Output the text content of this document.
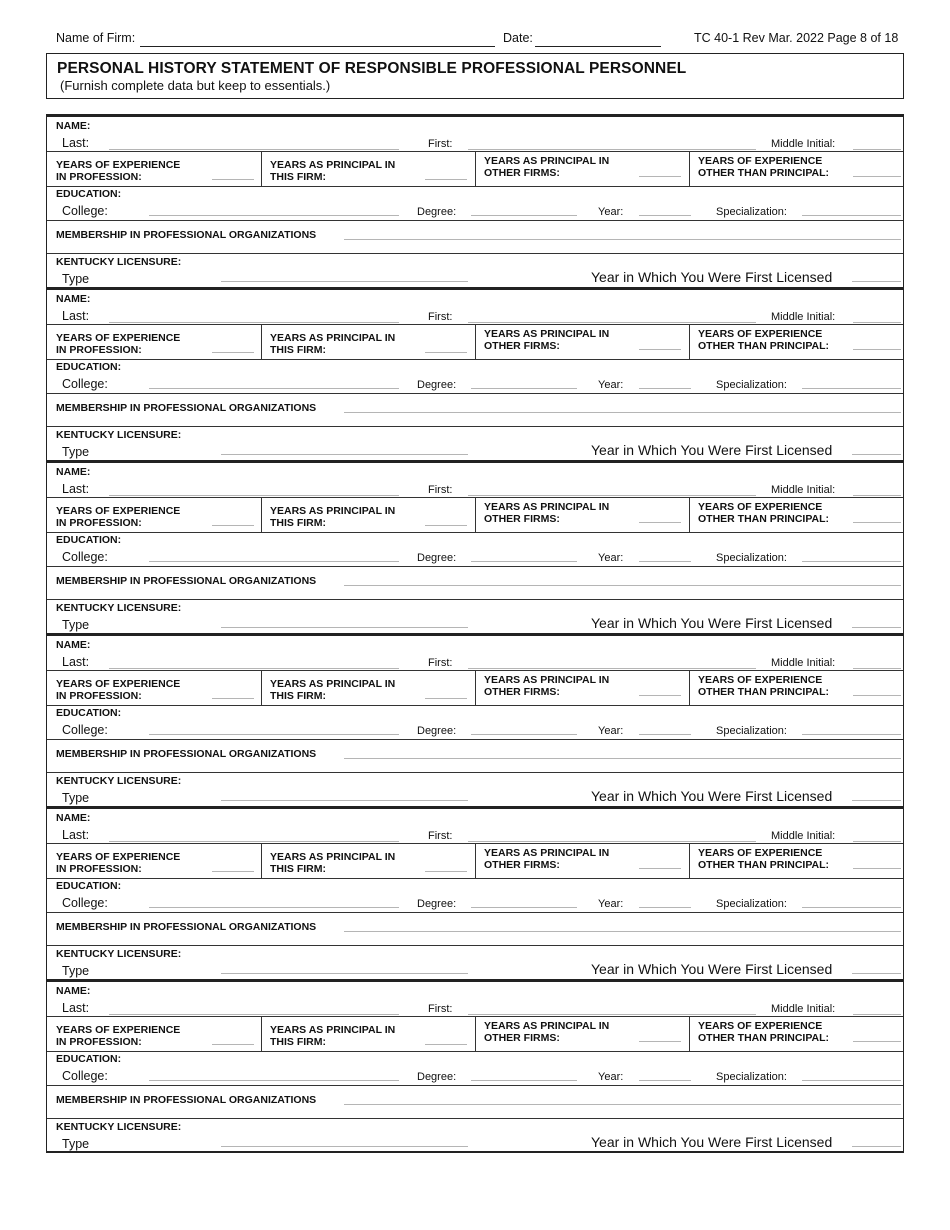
Name of Firm:	Date:	TC 40-1 Rev Mar. 2022 Page 8 of 18
PERSONAL HISTORY STATEMENT OF RESPONSIBLE PROFESSIONAL PERSONNEL
(Furnish complete data but keep to essentials.)
NAME:
Last:	First:	Middle Initial:
YEARS OF EXPERIENCE
IN PROFESSION:
YEARS AS PRINCIPAL IN
THIS FIRM:
YEARS AS PRINCIPAL IN
OTHER FIRMS:
YEARS OF EXPERIENCE
OTHER THAN PRINCIPAL:
EDUCATION:
College:	Degree:	Year:	Specialization:
MEMBERSHIP IN PROFESSIONAL ORGANIZATIONS
KENTUCKY LICENSURE:
Type	Year in Which You Were First Licensed
NAME:
Last:	First:	Middle Initial:
YEARS OF EXPERIENCE
IN PROFESSION:
YEARS AS PRINCIPAL IN
THIS FIRM:
YEARS AS PRINCIPAL IN
OTHER FIRMS:
YEARS OF EXPERIENCE
OTHER THAN PRINCIPAL:
EDUCATION:
College:	Degree:	Year:	Specialization:
MEMBERSHIP IN PROFESSIONAL ORGANIZATIONS
KENTUCKY LICENSURE:
Type	Year in Which You Were First Licensed
NAME:
Last:	First:	Middle Initial:
YEARS OF EXPERIENCE
IN PROFESSION:
YEARS AS PRINCIPAL IN
THIS FIRM:
YEARS AS PRINCIPAL IN
OTHER FIRMS:
YEARS OF EXPERIENCE
OTHER THAN PRINCIPAL:
EDUCATION:
College:	Degree:	Year:	Specialization:
MEMBERSHIP IN PROFESSIONAL ORGANIZATIONS
KENTUCKY LICENSURE:
Type	Year in Which You Were First Licensed
NAME:
Last:	First:	Middle Initial:
YEARS OF EXPERIENCE
IN PROFESSION:
YEARS AS PRINCIPAL IN
THIS FIRM:
YEARS AS PRINCIPAL IN
OTHER FIRMS:
YEARS OF EXPERIENCE
OTHER THAN PRINCIPAL:
EDUCATION:
College:	Degree:	Year:	Specialization:
MEMBERSHIP IN PROFESSIONAL ORGANIZATIONS
KENTUCKY LICENSURE:
Type	Year in Which You Were First Licensed
NAME:
Last:	First:	Middle Initial:
YEARS OF EXPERIENCE
IN PROFESSION:
YEARS AS PRINCIPAL IN
THIS FIRM:
YEARS AS PRINCIPAL IN
OTHER FIRMS:
YEARS OF EXPERIENCE
OTHER THAN PRINCIPAL:
EDUCATION:
College:	Degree:	Year:	Specialization:
MEMBERSHIP IN PROFESSIONAL ORGANIZATIONS
KENTUCKY LICENSURE:
Type	Year in Which You Were First Licensed
NAME:
Last:	First:	Middle Initial:
YEARS OF EXPERIENCE
IN PROFESSION:
YEARS AS PRINCIPAL IN
THIS FIRM:
YEARS AS PRINCIPAL IN
OTHER FIRMS:
YEARS OF EXPERIENCE
OTHER THAN PRINCIPAL:
EDUCATION:
College:	Degree:	Year:	Specialization:
MEMBERSHIP IN PROFESSIONAL ORGANIZATIONS
KENTUCKY LICENSURE:
Type	Year in Which You Were First Licensed
